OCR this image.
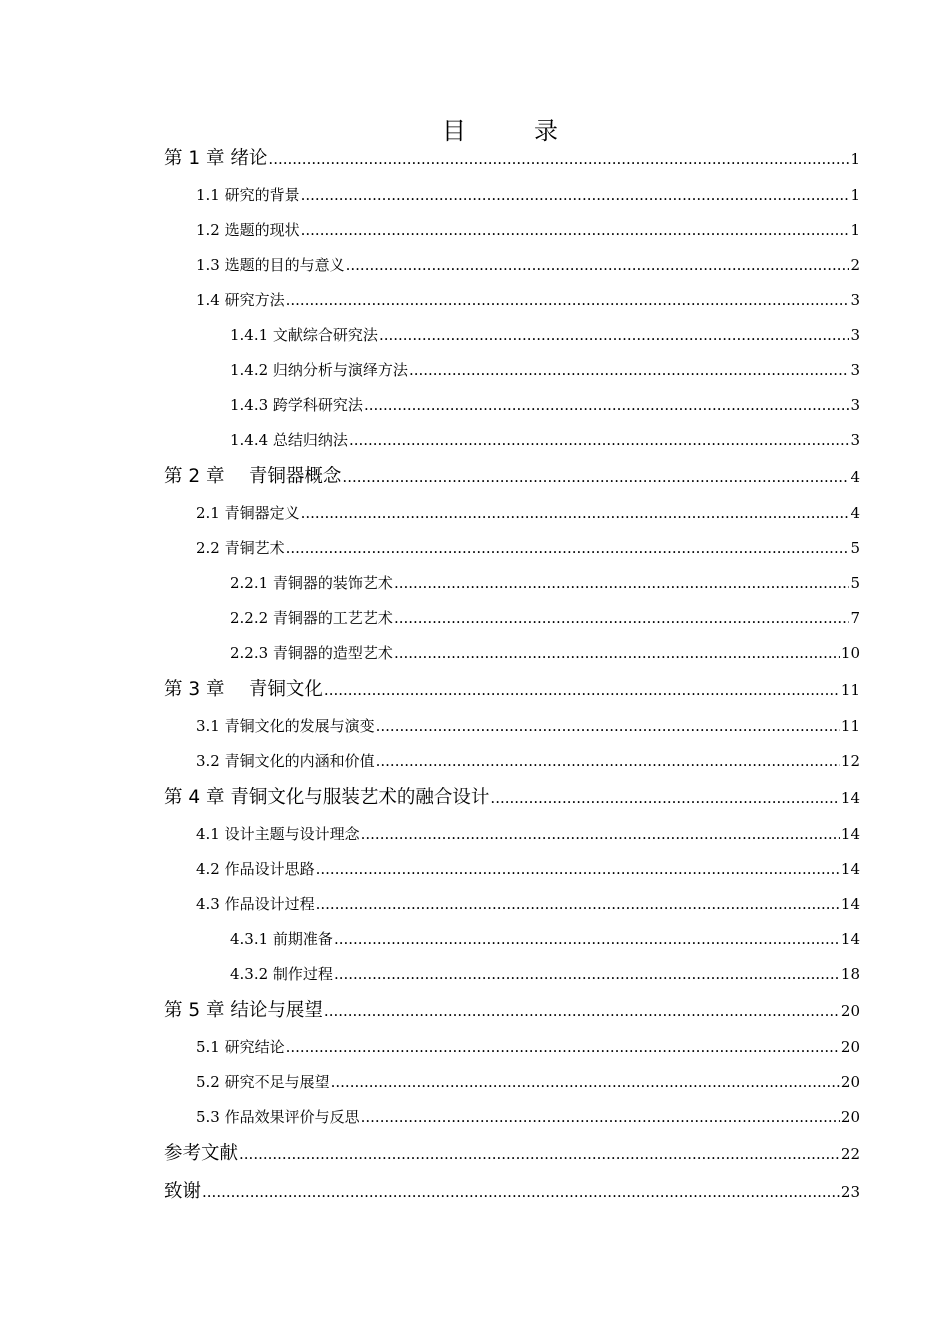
目　录
第 1 章 绪论 .....	1
1.1 研究的背景 .....	1
1.2 选题的现状 .....	1
1.3 选题的目的与意义 .....	2
1.4 研究方法 .....	3
1.4.1 文献综合研究法 .....	3
1.4.2 归纳分析与演绎方法 .....	3
1.4.3 跨学科研究法 .....	3
1.4.4 总结归纳法 .....	3
第 2 章　 青铜器概念 .....	4
2.1 青铜器定义 .....	4
2.2 青铜艺术 .....	5
2.2.1 青铜器的装饰艺术 .....	5
2.2.2 青铜器的工艺艺术 .....	7
2.2.3 青铜器的造型艺术 .....	10
第 3 章　 青铜文化 .....	11
3.1 青铜文化的发展与演变 .....	11
3.2 青铜文化的内涵和价值 .....	12
第 4 章 青铜文化与服装艺术的融合设计 .....	14
4.1 设计主题与设计理念 .....	14
4.2 作品设计思路 .....	14
4.3 作品设计过程 .....	14
4.3.1 前期准备 .....	14
4.3.2 制作过程 .....	18
第 5 章 结论与展望 .....	20
5.1 研究结论 .....	20
5.2 研究不足与展望 .....	20
5.3 作品效果评价与反思 .....	20
参考文献 .....	22
致谢 .....	23
